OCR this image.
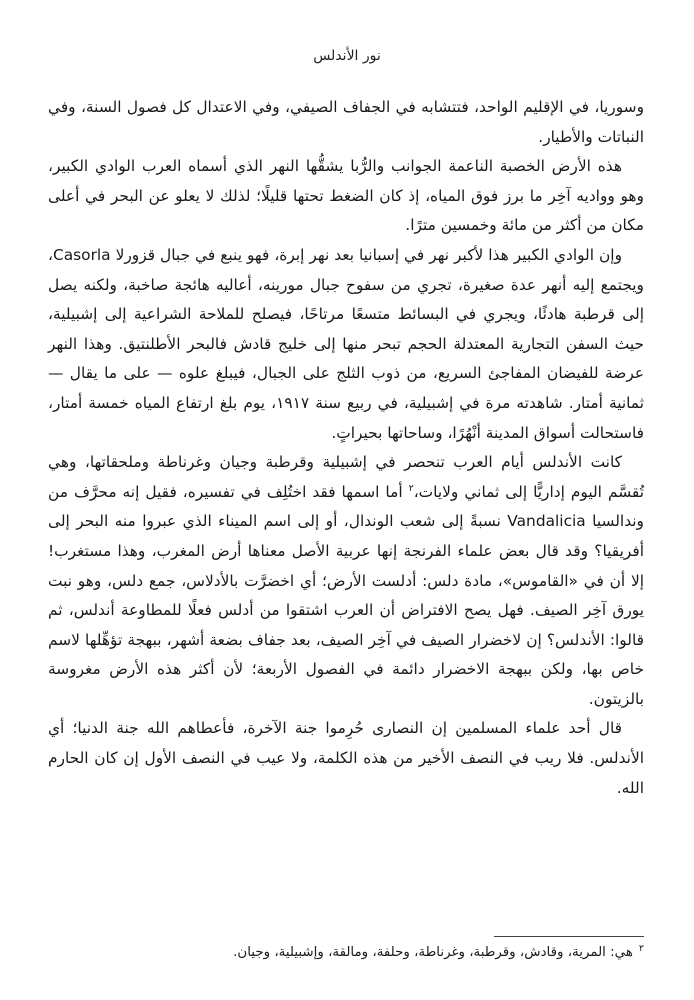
نور الأندلس

وسوريا، في الإقليم الواحد، فتتشابه في الجفاف الصيفي، وفي الاعتدال كل فصول السنة، وفي النباتات والأطيار.

هذه الأرض الخصبة الناعمة الجوانب والرُّبا يشقُّها النهر الذي أسماه العرب الوادي الكبير، وهو وواديه آخِر ما برز فوق المياه، إذ كان الضغط تحتها قليلًا؛ لذلك لا يعلو عن البحر في أعلى مكان من أكثر من مائة وخمسين مترًا.

وإن الوادي الكبير هذا لأكبر نهر في إسبانيا بعد نهر إبرة، فهو ينبع في جبال قزورلا Casorla، ويجتمع إليه أنهر عدة صغيرة، تجري من سفوح جبال مورينه، أعاليه هائجة صاخبة، ولكنه يصل إلى قرطبة هادئًا، ويجري في البسائط متسعًا مرتاحًا، فيصلح للملاحة الشراعية إلى إشبيلية، حيث السفن التجارية المعتدلة الحجم تبحر منها إلى خليج قادش فالبحر الأطلنتيق. وهذا النهر عرضة للفيضان المفاجئ السريع، من ذوب الثلج على الجبال، فيبلغ علوه — على ما يقال — ثمانية أمتار. شاهدته مرة في إشبيلية، في ربيع سنة ١٩١٧، يوم بلغ ارتفاع المياه خمسة أمتار، فاستحالت أسواق المدينة أنْهُرًا، وساحاتها بحيراتٍ.

كانت الأندلس أيام العرب تنحصر في إشبيلية وقرطبة وجيان وغرناطة وملحقاتها، وهي تُقسَّم اليوم إداريًّا إلى ثماني ولايات،$^٢$ أما اسمها فقد اختُلِف في تفسيره، فقيل إنه محرَّف من وندالسيا Vandalicia نسبةً إلى شعب الوندال، أو إلى اسم الميناء الذي عبروا منه البحر إلى أفريقيا؟ وقد قال بعض علماء الفرنجة إنها عربية الأصل معناها أرض المغرب، وهذا مستغرب! إلا أن في «القاموس»، مادة دلس: أدلست الأرض؛ أي اخضرَّت بالأدلاس، جمع دلس، وهو نبت يورق آخِر الصيف. فهل يصح الافتراض أن العرب اشتقوا من أدلس فعلًا للمطاوعة أندلس، ثم قالوا: الأندلس؟ إن لاخضرار الصيف في آخِر الصيف، بعد جفاف بضعة أشهر، ببهجة تؤهِّلها لاسم خاص بها، ولكن ببهجة الاخضرار دائمة في الفصول الأربعة؛ لأن أكثر هذه الأرض مغروسة بالزيتون.

قال أحد علماء المسلمين إن النصارى حُرِموا جنة الآخرة، فأعطاهم الله جنة الدنيا؛ أي الأندلس. فلا ريب في النصف الأخير من هذه الكلمة، ولا عيب في النصف الأول إن كان الحارم الله.

$^٢$هي: المرية، وقادش، وقرطبة، وغرناطة، وحلفة، ومالقة، وإشبيلية، وجيان.
